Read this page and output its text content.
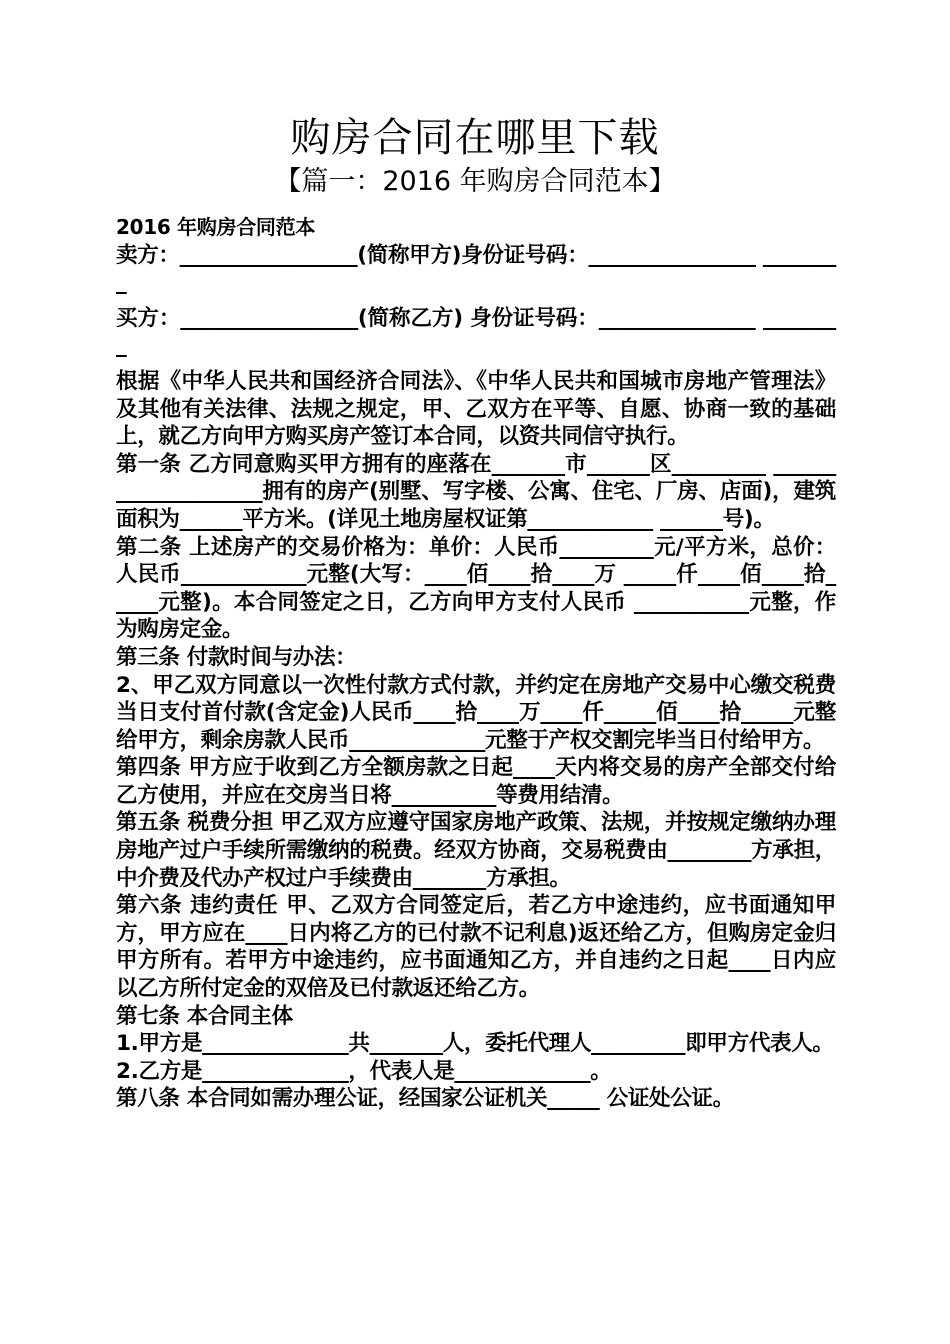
购房合同在哪里下载
【篇一：2016 年购房合同范本】

2016 年购房合同范本

卖方：_________________(简称甲方)身份证号码：________________ ________

买方：_________________(简称乙方) 身份证号码：_______________ ________

根据《中华人民共和国经济合同法》、《中华人民共和国城市房地产管理法》及其他有关法律、法规之规定，甲、乙双方在平等、自愿、协商一致的基础上，就乙方向甲方购买房产签订本合同，以资共同信守执行。

第一条 乙方同意购买甲方拥有的座落在_______市______区_________ ____________________拥有的房产(别墅、写字楼、公寓、住宅、厂房、店面)，建筑面积为______平方米。(详见土地房屋权证第____________ ______号)。

第二条 上述房产的交易价格为：单价：人民币_________元/平方米，总价：人民币____________元整(大写：____佰____拾____万 _____仟____佰____拾_____元整)。本合同签定之日，乙方向甲方支付人民币 ___________元整，作为购房定金。

第三条 付款时间与办法：

2、甲乙双方同意以一次性付款方式付款，并约定在房地产交易中心缴交税费当日支付首付款(含定金)人民币____拾____万____仟_____佰____拾_____元整给甲方，剩余房款人民币_____________元整于产权交割完毕当日付给甲方。

第四条 甲方应于收到乙方全额房款之日起____天内将交易的房产全部交付给乙方使用，并应在交房当日将__________等费用结清。

第五条 税费分担 甲乙双方应遵守国家房地产政策、法规，并按规定缴纳办理房地产过户手续所需缴纳的税费。经双方协商，交易税费由________方承担，中介费及代办产权过户手续费由_______方承担。

第六条 违约责任 甲、乙双方合同签定后，若乙方中途违约，应书面通知甲方，甲方应在____日内将乙方的已付款不记利息)返还给乙方，但购房定金归甲方所有。若甲方中途违约，应书面通知乙方，并自违约之日起____日内应以乙方所付定金的双倍及已付款返还给乙方。

第七条 本合同主体

1.甲方是______________共_______人，委托代理人_________即甲方代表人。

2.乙方是______________，代表人是_____________。

第八条 本合同如需办理公证，经国家公证机关_____ 公证处公证。
